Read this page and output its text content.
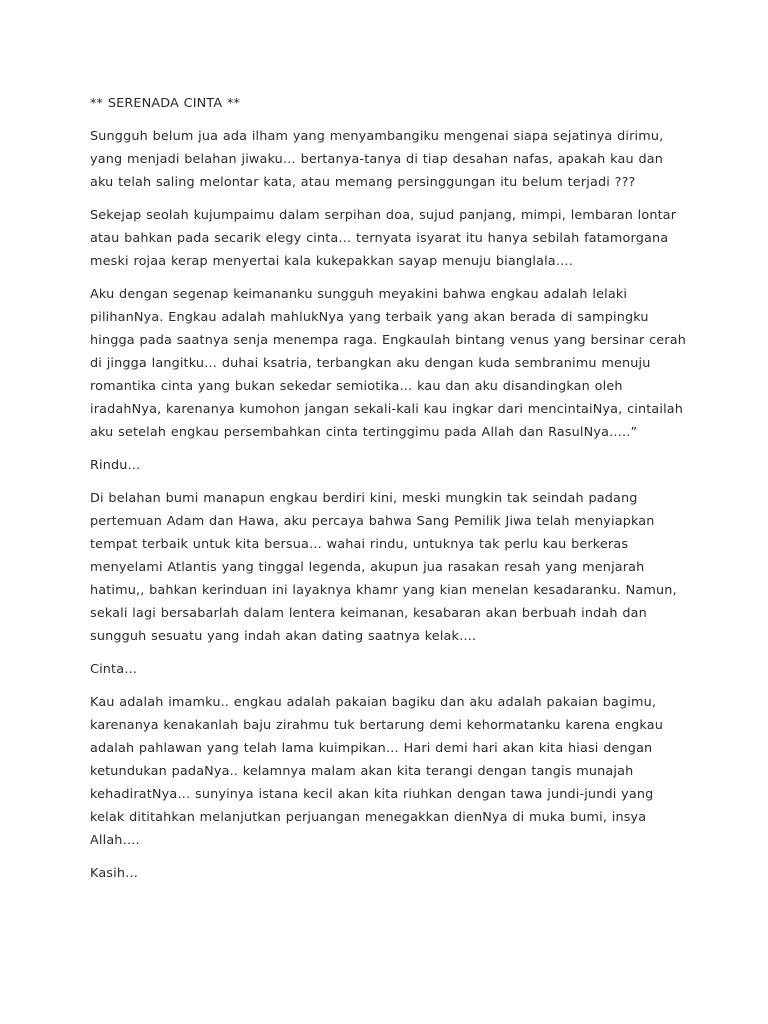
** SERENADA CINTA **

Sungguh belum jua ada ilham yang menyambangiku mengenai siapa sejatinya dirimu, yang menjadi belahan jiwaku… bertanya-tanya di tiap desahan nafas, apakah kau dan aku telah saling melontar kata, atau memang persinggungan itu belum terjadi ???

Sekejap seolah kujumpaimu dalam serpihan doa, sujud panjang, mimpi, lembaran lontar atau bahkan pada secarik elegy cinta… ternyata isyarat itu hanya sebilah fatamorgana meski rojaa kerap menyertai kala kukepakkan sayap menuju bianglala….

Aku dengan segenap keimananku sungguh meyakini bahwa engkau adalah lelaki pilihanNya. Engkau adalah mahlukNya yang terbaik yang akan berada di sampingku hingga pada saatnya senja menempa raga. Engkaulah bintang venus yang bersinar cerah di jingga langitku… duhai ksatria, terbangkan aku dengan kuda sembranimu menuju romantika cinta yang bukan sekedar semiotika… kau dan aku disandingkan oleh iradahNya, karenanya kumohon jangan sekali-kali kau ingkar dari mencintaiNya, cintailah aku setelah engkau persembahkan cinta tertinggimu pada Allah dan RasulNya…..”

Rindu…

Di belahan bumi manapun engkau berdiri kini, meski mungkin tak seindah padang pertemuan Adam dan Hawa, aku percaya bahwa Sang Pemilik Jiwa telah menyiapkan tempat terbaik untuk kita bersua… wahai rindu, untuknya tak perlu kau berkeras menyelami Atlantis yang tinggal legenda, akupun jua rasakan resah yang menjarah hatimu,, bahkan kerinduan ini layaknya khamr yang kian menelan kesadaranku. Namun, sekali lagi bersabarlah dalam lentera keimanan, kesabaran akan berbuah indah dan sungguh sesuatu yang indah akan dating saatnya kelak….

Cinta…

Kau adalah imamku.. engkau adalah pakaian bagiku dan aku adalah pakaian bagimu, karenanya kenakanlah baju zirahmu tuk bertarung demi kehormatanku karena engkau adalah pahlawan yang telah lama kuimpikan… Hari demi hari akan kita hiasi dengan ketundukan padaNya.. kelamnya malam akan kita terangi dengan tangis munajah kehadiratNya… sunyinya istana kecil akan kita riuhkan dengan tawa jundi-jundi yang kelak dititahkan melanjutkan perjuangan menegakkan dienNya di muka bumi, insya Allah….

Kasih…
